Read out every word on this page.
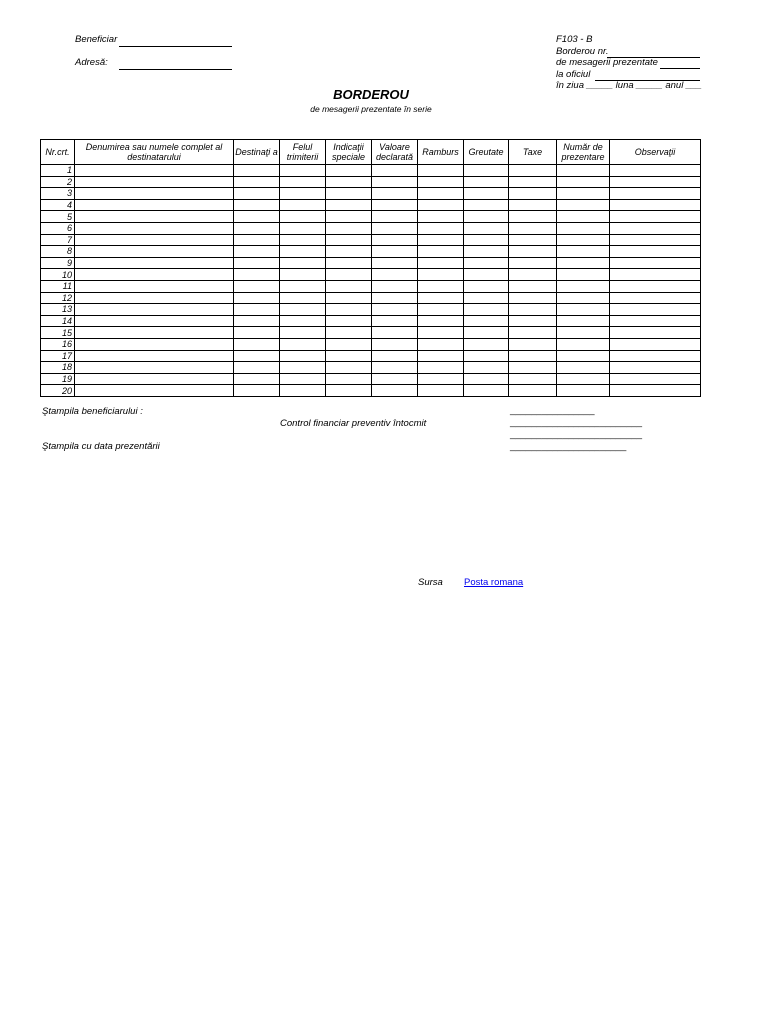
Beneficiar
Adresă:
F103 - B
Borderou nr.
de mesagerii prezentate
la oficiul
în ziua _____ luna _____ anul ___
BORDEROU
de mesagerii prezentate în serie
Nr.crt.	Denumirea sau numele complet al destinatarului	Destinaţi a	Felul trimiterii	Indicaţii speciale	Valoare declarată	Ramburs	Greutate	Taxe	Număr de prezentare	Observaţii
1										
2										
3										
4										
5										
6										
7										
8										
9										
10										
11										
12										
13										
14										
15										
16										
17										
18										
19										
20										
Ştampila beneficiarului :
Control financiar preventiv întocmit
Ştampila cu data prezentării
________________
_________________________
_________________________
______________________
Sursa Posta romana
